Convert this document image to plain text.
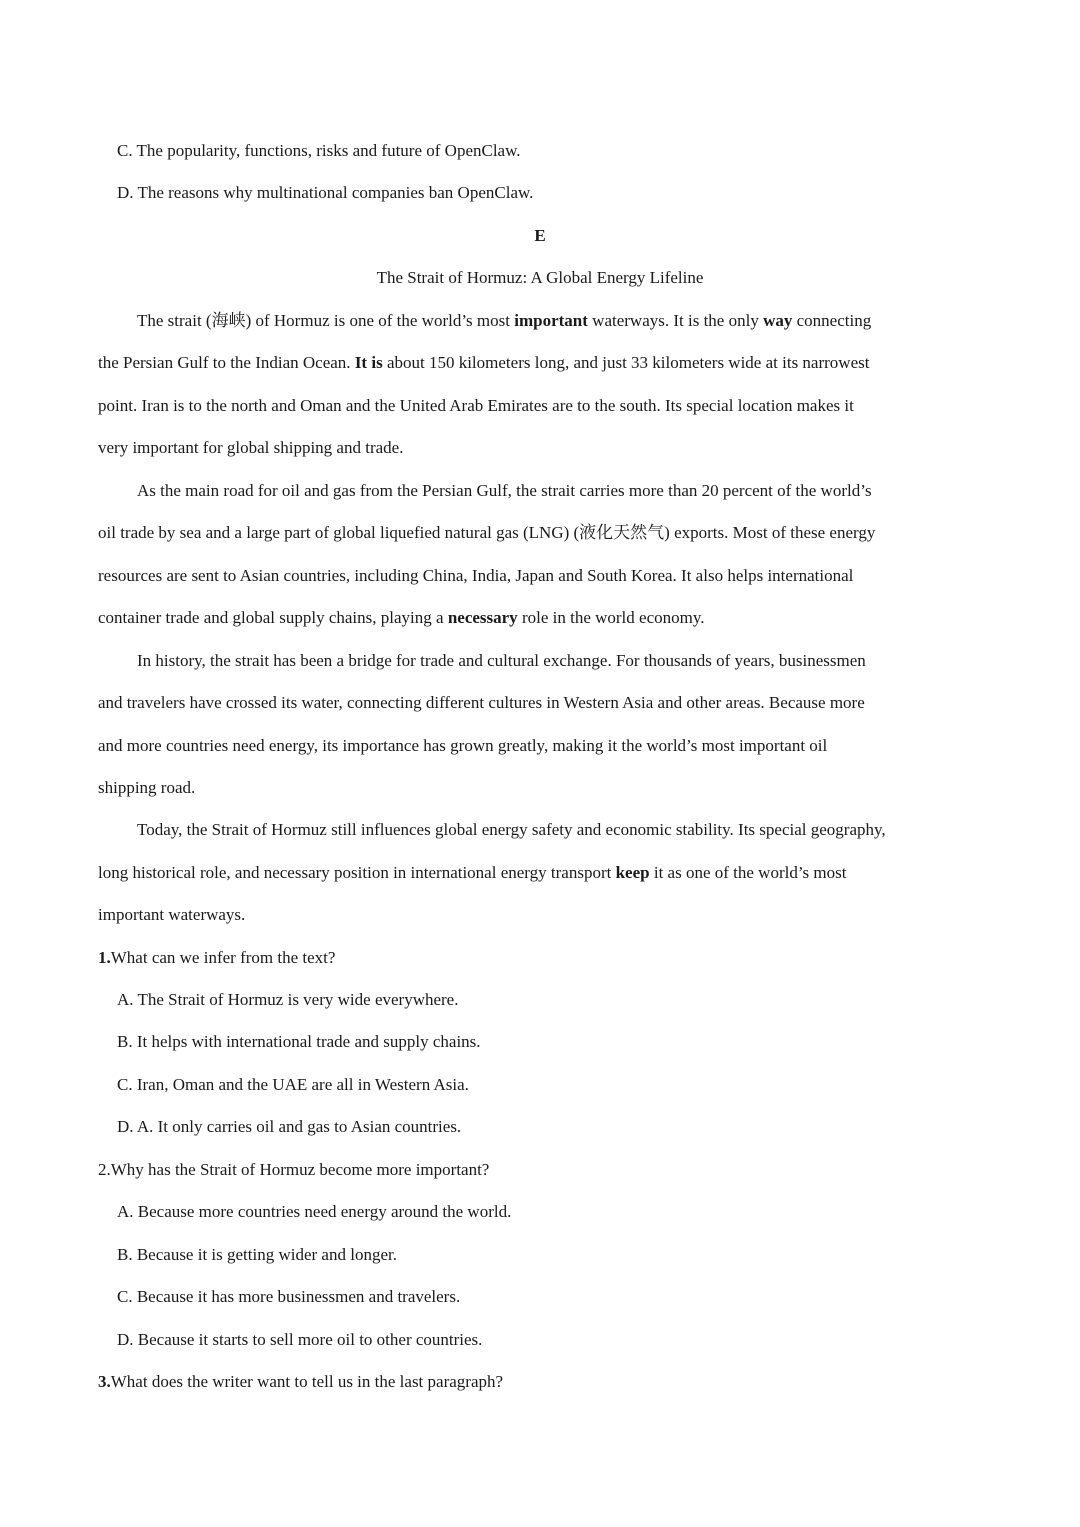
C. The popularity, functions, risks and future of OpenClaw.
D. The reasons why multinational companies ban OpenClaw.
E
The Strait of Hormuz: A Global Energy Lifeline
The strait (海峡) of Hormuz is one of the world’s most important waterways. It is the only way connecting
the Persian Gulf to the Indian Ocean. It is about 150 kilometers long, and just 33 kilometers wide at its narrowest
point. Iran is to the north and Oman and the United Arab Emirates are to the south. Its special location makes it
very important for global shipping and trade.
As the main road for oil and gas from the Persian Gulf, the strait carries more than 20 percent of the world’s
oil trade by sea and a large part of global liquefied natural gas (LNG) (液化天然气) exports. Most of these energy
resources are sent to Asian countries, including China, India, Japan and South Korea. It also helps international
container trade and global supply chains, playing a necessary role in the world economy.
In history, the strait has been a bridge for trade and cultural exchange. For thousands of years, businessmen
and travelers have crossed its water, connecting different cultures in Western Asia and other areas. Because more
and more countries need energy, its importance has grown greatly, making it the world’s most important oil
shipping road.
Today, the Strait of Hormuz still influences global energy safety and economic stability. Its special geography,
long historical role, and necessary position in international energy transport keep it as one of the world’s most
important waterways.
1.What can we infer from the text?
A. The Strait of Hormuz is very wide everywhere.
B. It helps with international trade and supply chains.
C. Iran, Oman and the UAE are all in Western Asia.
D. A. It only carries oil and gas to Asian countries.
2.Why has the Strait of Hormuz become more important?
A. Because more countries need energy around the world.
B. Because it is getting wider and longer.
C. Because it has more businessmen and travelers.
D. Because it starts to sell more oil to other countries.
3.What does the writer want to tell us in the last paragraph?
